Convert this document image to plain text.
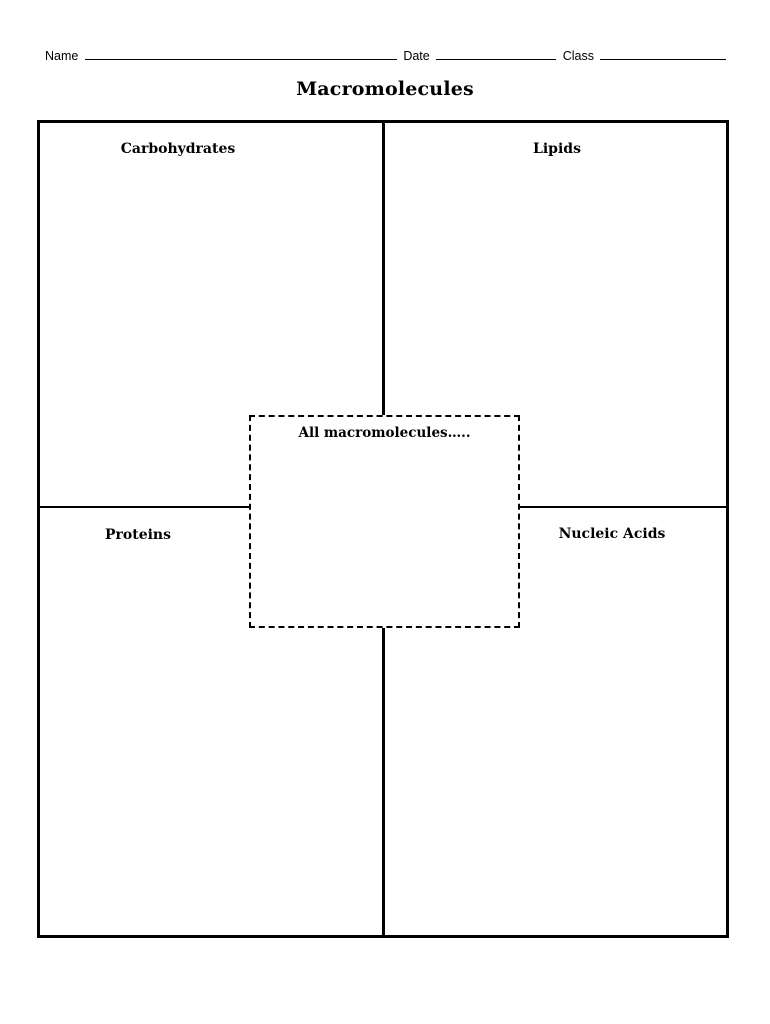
Name	Date	Class
Macromolecules
Carbohydrates	Lipids
Proteins	Nucleic Acids
All macromolecules…..
